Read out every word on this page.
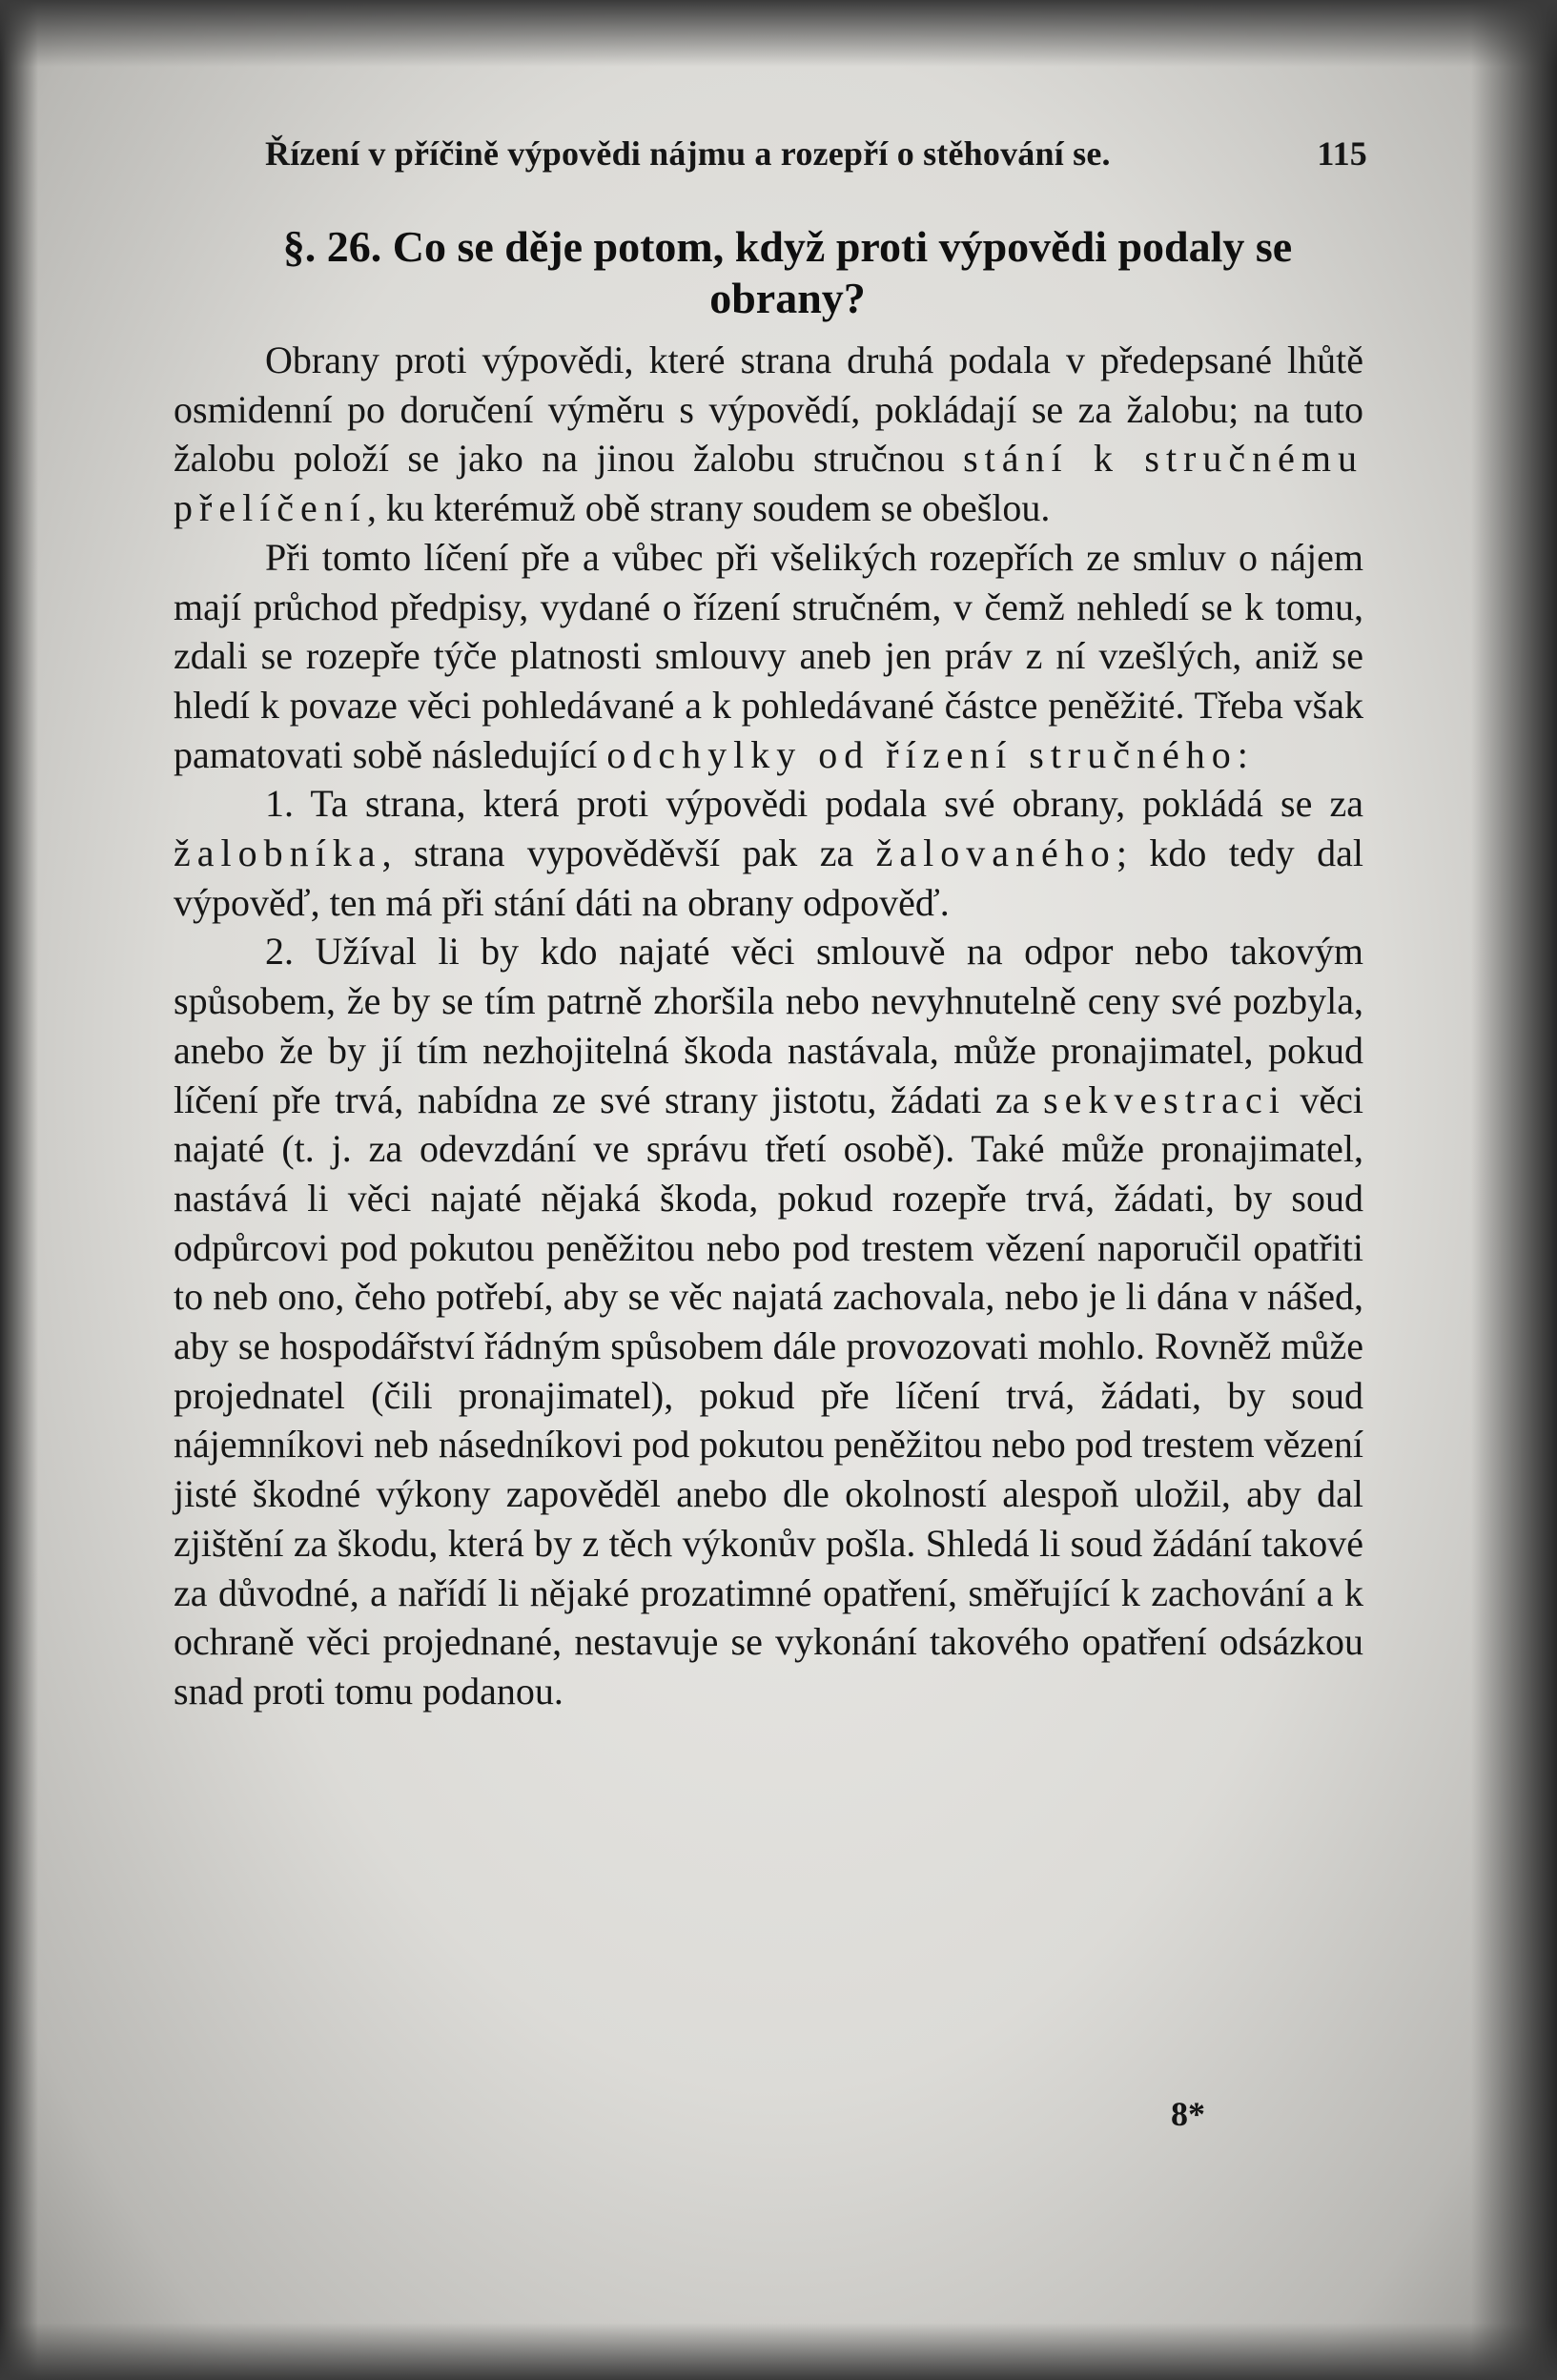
Řízení v příčině výpovědi nájmu a rozepří o stěhování se.	115
§. 26. Co se děje potom, když proti výpovědi podaly se obrany?

Obrany proti výpovědi, které strana druhá podala v předepsané lhůtě osmidenní po doručení výměru s výpovědí, pokládají se za žalobu; na tuto žalobu položí se jako na jinou žalobu stručnou stání k stručnému přelíčení, ku kterémuž obě strany soudem se obešlou.

Při tomto líčení pře a vůbec při všelikých rozepřích ze smluv o nájem mají průchod předpisy, vydané o řízení stručném, v čemž nehledí se k tomu, zdali se rozepře týče platnosti smlouvy aneb jen práv z ní vzešlých, aniž se hledí k povaze věci pohledávané a k pohledávané částce peněžité. Třeba však pamatovati sobě následující odchylky od řízení stručného:

1. Ta strana, která proti výpovědi podala své obrany, pokládá se za žalobníka, strana vypověděvší pak za žalovaného; kdo tedy dal výpověď, ten má při stání dáti na obrany odpověď.

2. Užíval li by kdo najaté věci smlouvě na odpor nebo takovým spůsobem, že by se tím patrně zhoršila nebo nevyhnutelně ceny své pozbyla, anebo že by jí tím nezhojitelná škoda nastávala, může pronajimatel, pokud líčení pře trvá, nabídna ze své strany jistotu, žádati za sekvestraci věci najaté (t. j. za odevzdání ve správu třetí osobě). Také může pronajimatel, nastává li věci najaté nějaká škoda, pokud rozepře trvá, žádati, by soud odpůrcovi pod pokutou peněžitou nebo pod trestem vězení naporučil opatřiti to neb ono, čeho potřebí, aby se věc najatá zachovala, nebo je li dána v nášed, aby se hospodářství řádným spůsobem dále provozovati mohlo. Rovněž může projednatel (čili pronajimatel), pokud pře líčení trvá, žádati, by soud nájemníkovi neb násedníkovi pod pokutou peněžitou nebo pod trestem vězení jisté škodné výkony zapověděl anebo dle okolností alespoň uložil, aby dal zjištění za škodu, která by z těch výkonův pošla. Shledá li soud žádání takové za důvodné, a nařídí li nějaké prozatimné opatření, směřující k zachování a k ochraně věci projednané, nestavuje se vykonání takového opatření odsázkou snad proti tomu podanou.

8*
